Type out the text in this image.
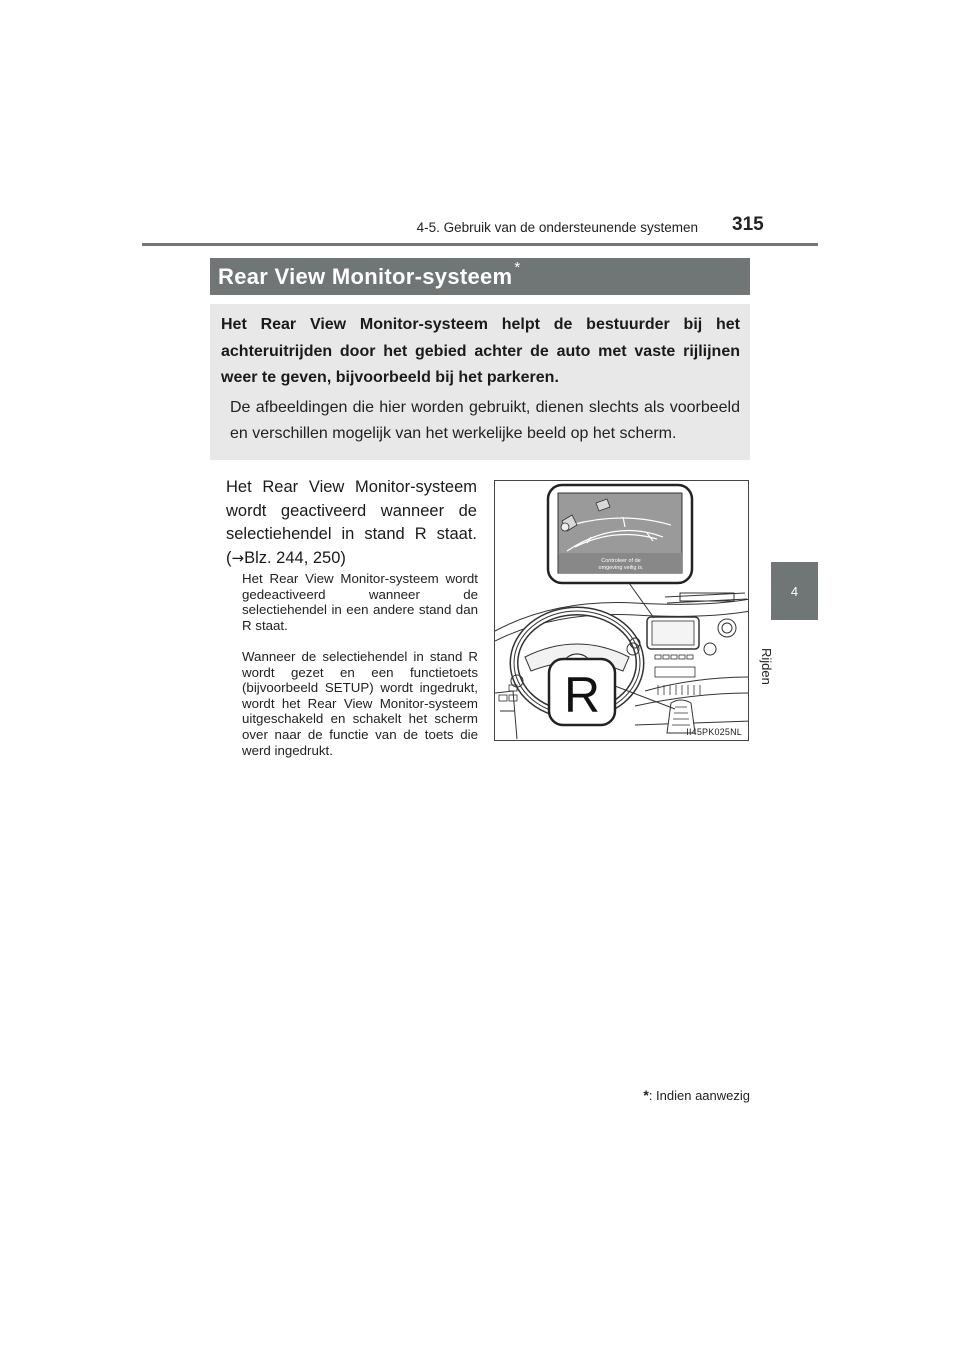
4-5. Gebruik van de ondersteunende systemen 315
4
Rijden
Rear View Monitor-systeem *
Het Rear View Monitor-systeem helpt de bestuurder bij het achteruitrijden door het gebied achter de auto met vaste rijlijnen weer te geven, bijvoorbeeld bij het parkeren.
De afbeeldingen die hier worden gebruikt, dienen slechts als voorbeeld en verschillen mogelijk van het werkelijke beeld op het scherm.
Het Rear View Monitor-systeem wordt geactiveerd wanneer de selectiehendel in stand R staat. (→Blz. 244, 250)
Het Rear View Monitor-systeem wordt gedeactiveerd wanneer de selectiehendel in een andere stand dan R staat.
Wanneer de selectiehendel in stand R wordt gezet en een functietoets (bijvoorbeeld SETUP) wordt ingedrukt, wordt het Rear View Monitor-systeem uitgeschakeld en schakelt het scherm over naar de functie van de toets die werd ingedrukt.
Controleer of de
omgeving veilig is.
R
II45PK025NL
*: Indien aanwezig
